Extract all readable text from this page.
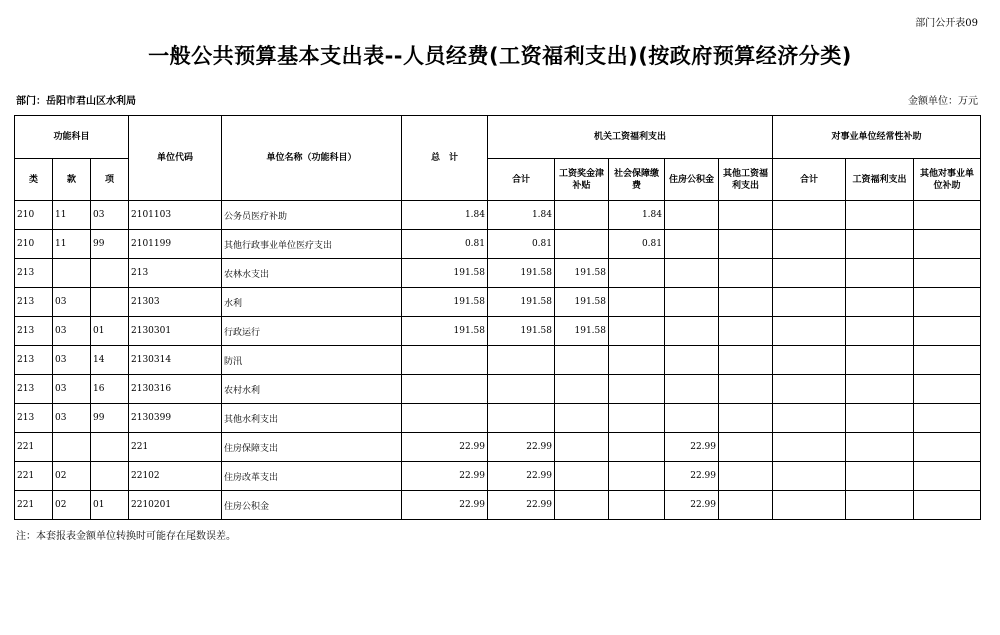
部门公开表09
一般公共预算基本支出表--人员经费(工资福利支出)(按政府预算经济分类)
部门：岳阳市君山区水利局	金额单位：万元
功能科目			单位代码	单位名称（功能科目）	总　计	机关工资福利支出					对事业单位经常性补助		
类	款	项				合计	工资奖金津补贴	社会保障缴费	住房公积金	其他工资福利支出	合计	工资福利支出	其他对事业单位补助
210	11	03	2101103	公务员医疗补助	1.84	1.84		1.84					
210	11	99	2101199	其他行政事业单位医疗支出	0.81	0.81		0.81					
213			213	农林水支出	191.58	191.58	191.58						
213	03		21303	水利	191.58	191.58	191.58						
213	03	01	2130301	行政运行	191.58	191.58	191.58						
213	03	14	2130314	防汛									
213	03	16	2130316	农村水利									
213	03	99	2130399	其他水利支出									
221			221	住房保障支出	22.99	22.99			22.99				
221	02		22102	住房改革支出	22.99	22.99			22.99				
221	02	01	2210201	住房公积金	22.99	22.99			22.99				
注：本套报表金额单位转换时可能存在尾数误差。
